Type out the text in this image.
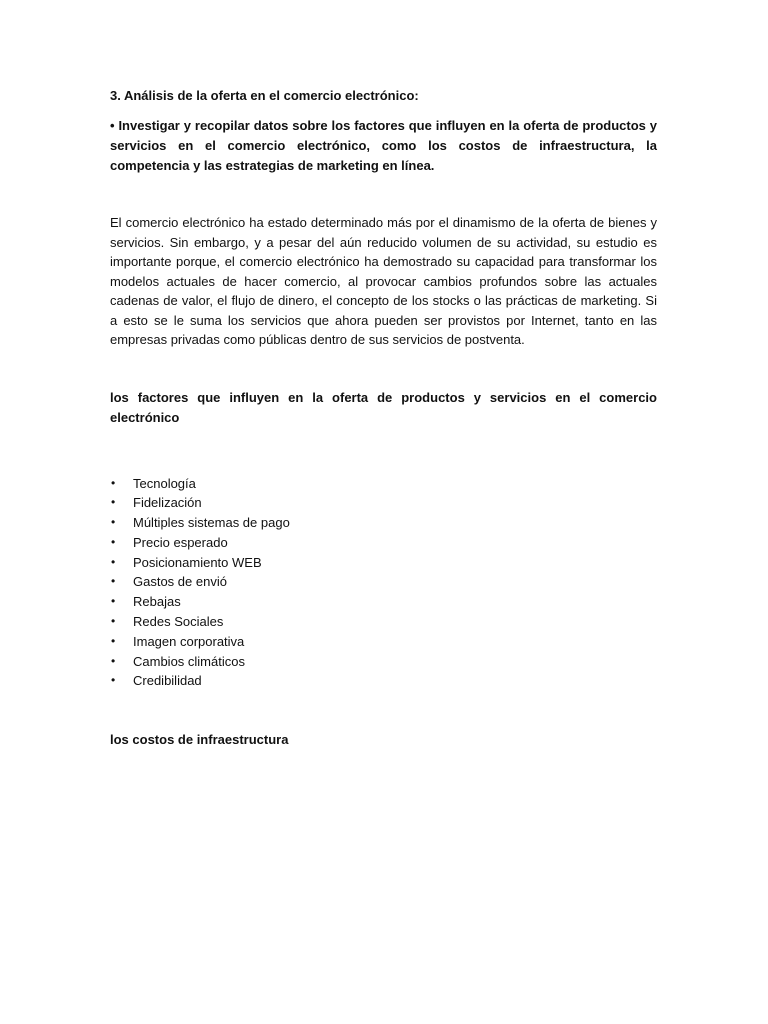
3. Análisis de la oferta en el comercio electrónico:

• Investigar y recopilar datos sobre los factores que influyen en la oferta de productos y servicios en el comercio electrónico, como los costos de infraestructura, la competencia y las estrategias de marketing en línea.

El comercio electrónico ha estado determinado más por el dinamismo de la oferta de bienes y servicios. Sin embargo, y a pesar del aún reducido volumen de su actividad, su estudio es importante porque, el comercio electrónico ha demostrado su capacidad para transformar los modelos actuales de hacer comercio, al provocar cambios profundos sobre las actuales cadenas de valor, el flujo de dinero, el concepto de los stocks o las prácticas de marketing. Si a esto se le suma los servicios que ahora pueden ser provistos por Internet, tanto en las empresas privadas como públicas dentro de sus servicios de postventa.

los factores que influyen en la oferta de productos y servicios en el comercio electrónico

• Tecnología
• Fidelización
• Múltiples sistemas de pago
• Precio esperado
• Posicionamiento WEB
• Gastos de envió
• Rebajas
• Redes Sociales
• Imagen corporativa
• Cambios climáticos
• Credibilidad

los costos de infraestructura
